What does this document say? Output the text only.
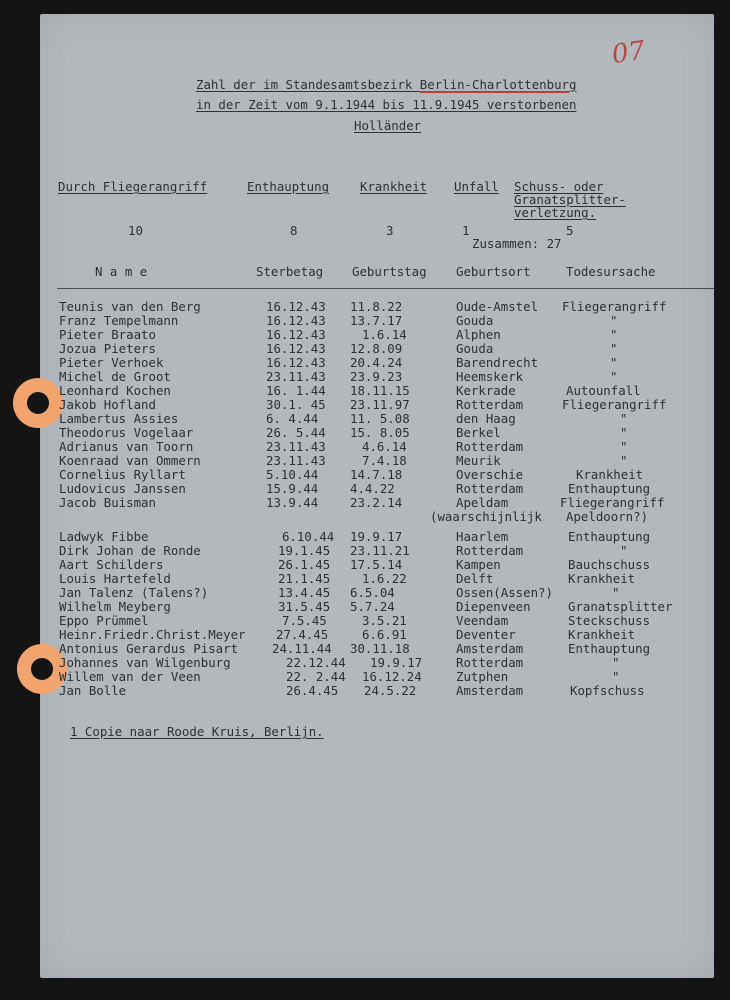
07
Zahl der im Standesamtsbezirk Berlin-Charlottenburg
in der Zeit vom 9.1.1944 bis 11.9.1945 verstorbenen
Holländer
Durch Fliegerangriff	Enthauptung Krankheit Unfall Schuss- oder Granatsplitter-verletzung.
10	8	3	1	5
Zusammen: 27
N a m e	Sterbetag Geburtstag Geburtsort	Todesursache
Teunis van den Berg	16.12.43 11.8.22	Oude-Amstel Fliegerangriff
Franz Tempelmann	16.12.43 13.7.17	Gouda	"
Pieter Braato	16.12.43	1.6.14	Alphen	"
Jozua Pieters	16.12.43 12.8.09	Gouda	"
Pieter Verhoek	16.12.43 20.4.24	Barendrecht	"
Michel de Groot	23.11.43 23.9.23	Heemskerk	"
Leonhard Kochen	16. 1.44 18.11.15	Kerkrade	Autounfall
Jakob Hofland	30.1. 45 23.11.97	Rotterdam	Fliegerangriff
Lambertus Assies	6. 4.44	11. 5.08	den Haag	"
Theodorus Vogelaar	26. 5.44 15. 8.05	Berkel	"
Adrianus van Toorn	23.11.43	4.6.14	Rotterdam	"
Koenraad van Ommern	23.11.43	7.4.18	Meurik	"
Cornelius Ryllart	5.10.44	14.7.18	Overschie	Krankheit
Ludovicus Janssen	15.9.44	4.4.22	Rotterdam	Enthauptung
Jacob Buisman	13.9.44	23.2.14	Apeldam	Fliegerangriff
(waarschijnlijk Apeldoorn?)
Ladwyk Fibbe	6.10.44 19.9.17	Haarlem	Enthauptung
Dirk Johan de Ronde	19.1.45 23.11.21	Rotterdam	"
Aart Schilders	26.1.45 17.5.14	Kampen	Bauchschuss
Louis Hartefeld	21.1.45	1.6.22	Delft	Krankheit
Jan Talenz (Talens?)	13.4.45 6.5.04	Ossen(Assen?)	"
Wilhelm Meyberg	31.5.45 5.7.24	Diepenveen	Granatsplitter
Eppo Prümmel	7.5.45	3.5.21	Veendam	Steckschuss
Heinr.Friedr.Christ.Meyer 27.4.45	6.6.91	Deventer	Krankheit
Antonius Gerardus Pisart	24.11.44 30.11.18	Amsterdam	Enthauptung
Johannes van Wilgenburg	22.12.44 19.9.17	Rotterdam	"
Willem van der Veen	22. 2.44 16.12.24	Zutphen	"
Jan Bolle	26.4.45 24.5.22	Amsterdam	Kopfschuss
1 Copie naar Roode Kruis, Berlijn.
